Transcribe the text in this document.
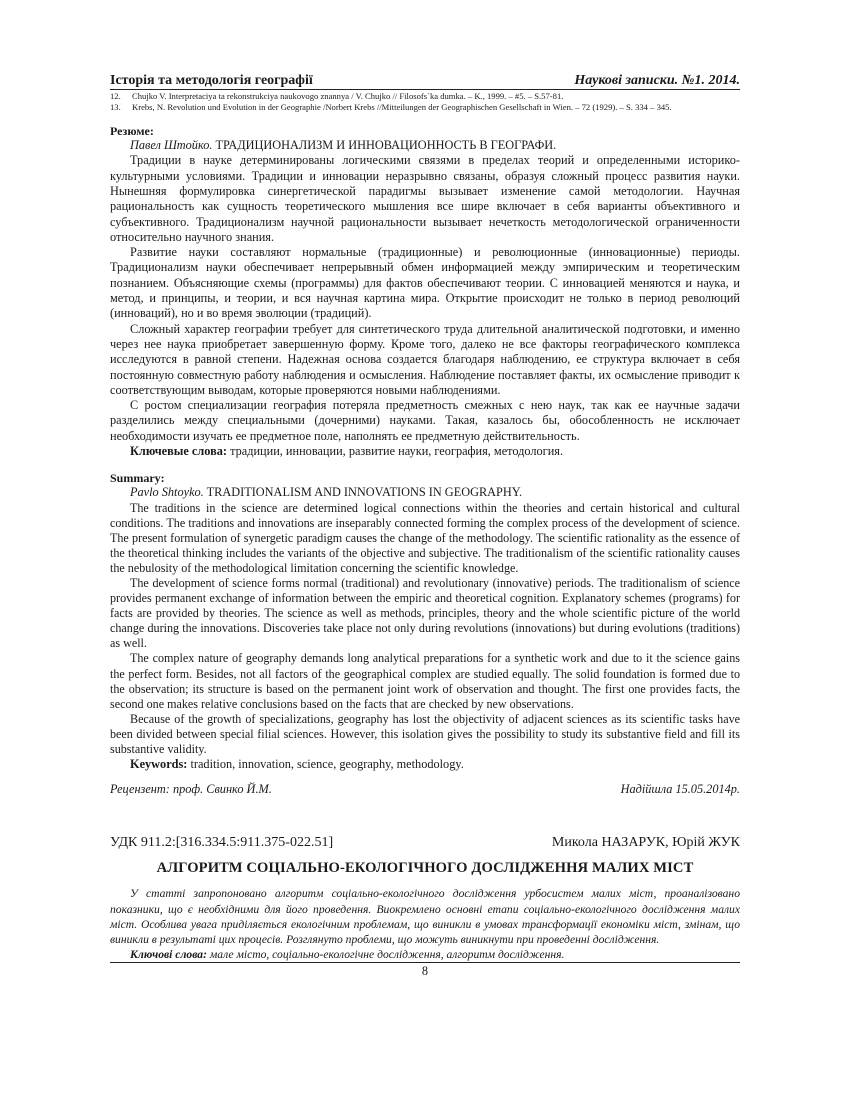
Історія та методологія географії	Наукові записки. №1. 2014.
12.	Chujko V. Interpretaciya ta rekonstrukciya naukovogo znannya / V. Chujko // Filosofs`ka dumka. – K., 1999. – #5. – S.57-81.
13.	Krebs, N. Revolution und Evolution in der Geographie /Norbert Krebs //Mitteilungen der Geographischen Gesellschaft in Wien. – 72 (1929). – S. 334 – 345.
Резюме:
Павел Штойко. ТРАДИЦИОНАЛИЗМ И ИННОВАЦИОННОСТЬ В ГЕОГРАФИ.

Традиции в науке детерминированы логическими связями в пределах теорий и определенными историко-культурными условиями. Традиции и инновации неразрывно связаны, образуя сложный процесс развития науки. Нынешняя формулировка синергетической парадигмы вызывает изменение самой методологии. Научная рациональность как сущность теоретического мышления все шире включает в себя варианты объективного и субъективного. Традиционализм научной рациональности вызывает нечеткость методологической ограниченности относительно научного знания.

Развитие науки составляют нормальные (традиционные) и революционные (инновационные) периоды. Традиционализм науки обеспечивает непрерывный обмен информацией между эмпирическим и теоретическим познанием. Объясняющие схемы (программы) для фактов обеспечивают теории. С инновацией меняются и наука, и метод, и принципы, и теории, и вся научная картина мира. Открытие происходит не только в период революций (инноваций), но и во время эволюции (традиций).

Сложный характер географии требует для синтетического труда длительной аналитической подготовки, и именно через нее наука приобретает завершенную форму. Кроме того, далеко не все факторы географического комплекса исследуются в равной степени. Надежная основа создается благодаря наблюдению, ее структура включает в себя постоянную совместную работу наблюдения и осмысления. Наблюдение поставляет факты, их осмысление приводит к соответствующим выводам, которые проверяются новыми наблюдениями.

С ростом специализации география потеряла предметность смежных с нею наук, так как ее научные задачи разделились между специальными (дочерними) науками. Такая, казалось бы, обособленность не исключает необходимости изучать ее предметное поле, наполнять ее предметную действительность.

Ключевые слова: традиции, инновации, развитие науки, география, методология.
Summary:
Pavlo Shtoyko. TRADITIONALISM AND INNOVATIONS IN GEOGRAPHY.

The traditions in the science are determined logical connections within the theories and certain historical and cultural conditions. The traditions and innovations are inseparably connected forming the complex process of the development of science. The present formulation of synergetic paradigm causes the change of the methodology. The scientific rationality as the essence of the theoretical thinking includes the variants of the objective and subjective. The traditionalism of the scientific rationality causes the nebulosity of the methodological limitation concerning the scientific knowledge.

The development of science forms normal (traditional) and revolutionary (innovative) periods. The traditionalism of science provides permanent exchange of information between the empiric and theoretical cognition. Explanatory schemes (programs) for facts are provided by theories. The science as well as methods, principles, theory and the whole scientific picture of the world change during the innovations. Discoveries take place not only during revolutions (innovations) but during evolutions (traditions) as well.

The complex nature of geography demands long analytical preparations for a synthetic work and due to it the science gains the perfect form. Besides, not all factors of the geographical complex are studied equally. The solid foundation is formed due to the observation; its structure is based on the permanent joint work of observation and thought. The first one provides facts, the second one makes relative conclusions based on the facts that are checked by new observations.

Because of the growth of specializations, geography has lost the objectivity of adjacent sciences as its scientific tasks have been divided between special filial sciences. However, this isolation gives the possibility to study its substantive field and fill its substantive validity.

Keywords: tradition, innovation, science, geography, methodology.
Рецензент: проф. Свинко Й.М.	Надійшла 15.05.2014р.
УДК 911.2:[316.334.5:911.375-022.51]	Микола НАЗАРУК, Юрій ЖУК
АЛГОРИТМ СОЦІАЛЬНО-ЕКОЛОГІЧНОГО ДОСЛІДЖЕННЯ МАЛИХ МІСТ
У статті запропоновано алгоритм соціально-екологічного дослідження урбосистем малих міст, проаналізовано показники, що є необхідними для його проведення. Виокремлено основні етапи соціально-екологічного дослідження малих міст. Особлива увага приділяється екологічним проблемам, що виникли в умовах трансформації економіки міст, змінам, що виникли в результаті цих процесів. Розглянуто проблеми, що можуть виникнути при проведенні дослідження.
Ключові слова: мале місто, соціально-екологічне дослідження, алгоритм дослідження.
8
